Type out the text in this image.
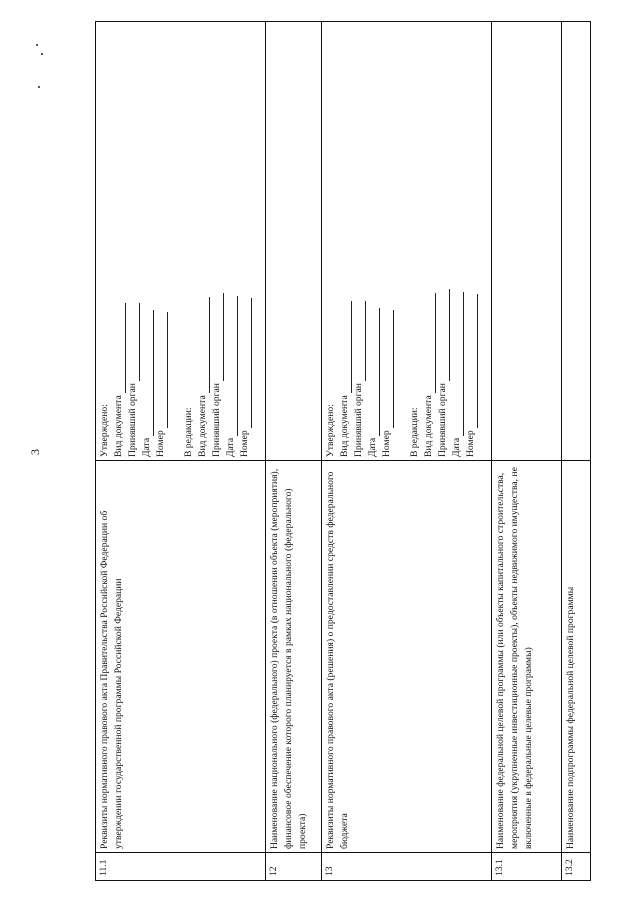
3
11.1
Реквизиты нормативного правового акта Правительства Российской Федерации об утверждении государственной программы Российской Федерации
Утверждено: Вид документа Принявший орган Дата Номер В редакции: Вид документа Принявший орган Дата Номер
12
Наименование национального (федерального) проекта (в отношении объекта (мероприятия), финансовое обеспечение которого планируется в рамках национального (федерального) проекта)
13
Реквизиты нормативного правового акта (решения) о предоставлении средств федерального бюджета
Утверждено: Вид документа Принявший орган Дата Номер В редакции: Вид документа Принявший орган Дата Номер
13.1
Наименование федеральной целевой программы (или объекты капитального строительства, мероприятия (укрупненные инвестиционные проекты), объекты недвижимого имущества, не включенные в федеральные целевые программы)
13.2
Наименование подпрограммы федеральной целевой программы
